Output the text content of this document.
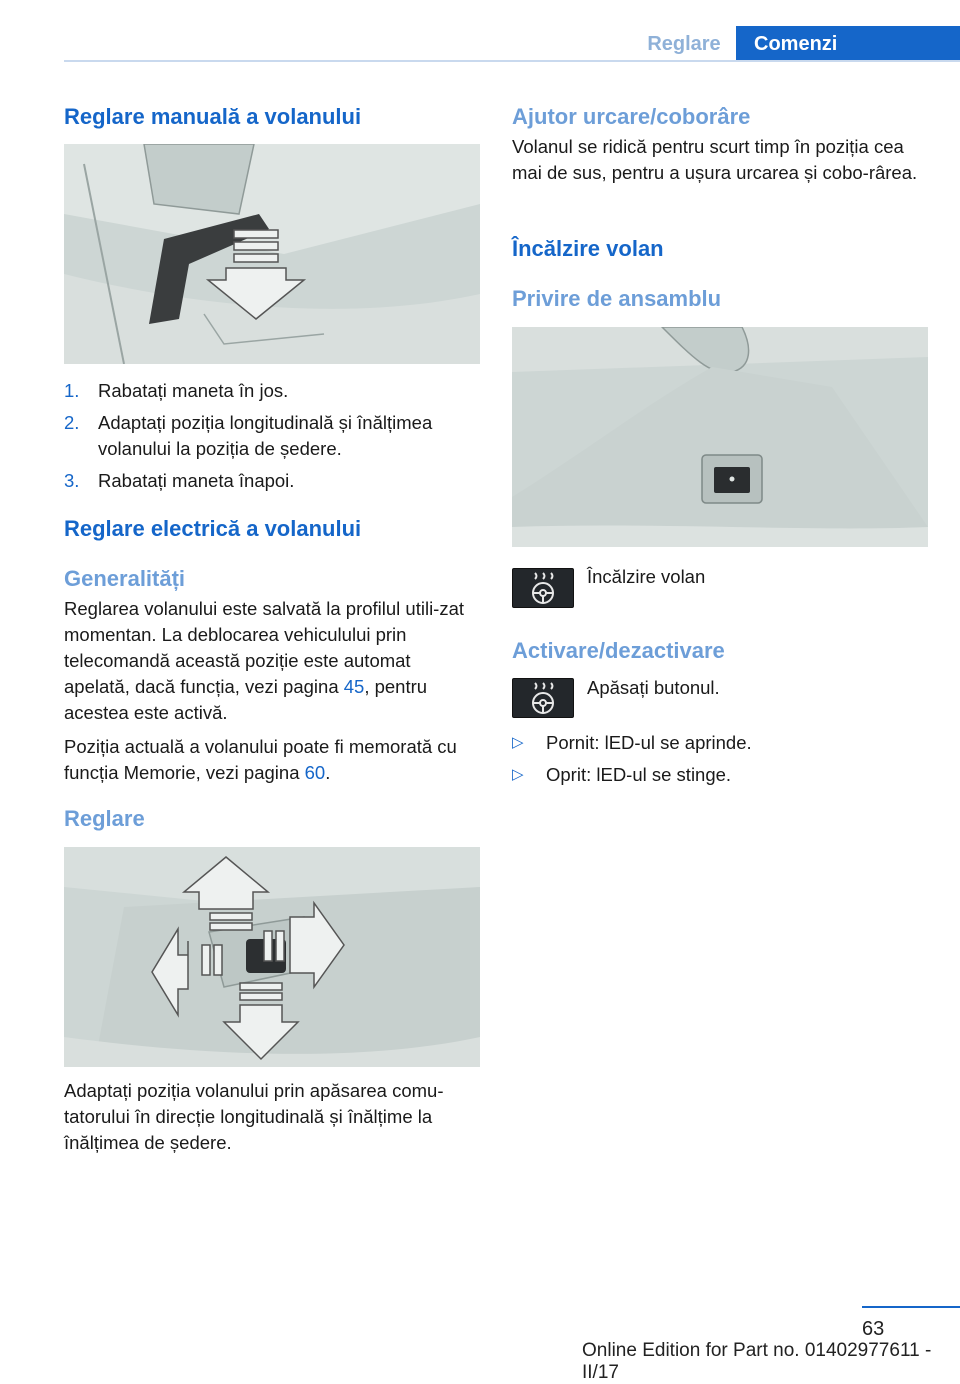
Reglare	Comenzi
Reglare manuală a volanului
1. Rabatați maneta în jos.
2. Adaptați poziția longitudinală și înălțimea volanului la poziția de ședere.
3. Rabatați maneta înapoi.
Reglare electrică a volanului
Generalități

Reglarea volanului este salvată la profilul utili‐zat momentan. La deblocarea vehiculului prin telecomandă această poziție este automat apelată, dacă funcția, vezi pagina 45, pentru acestea este activă.

Poziția actuală a volanului poate fi memorată cu funcția Memorie, vezi pagina 60.

Reglare

Adaptați poziția volanului prin apăsarea comu‐tatorului în direcție longitudinală și înălțime la înălțimea de ședere.

Ajutor urcare/coborâre

Volanul se ridică pentru scurt timp în poziția cea mai de sus, pentru a ușura urcarea și cobo‐rârea.

Încălzire volan
Privire de ansamblu

Încălzire volan

Activare/dezactivare

Apăsați butonul.

▷ Pornit: lED-ul se aprinde.
▷ Oprit: lED-ul se stinge.
63
Online Edition for Part no. 01402977611 - II/17
